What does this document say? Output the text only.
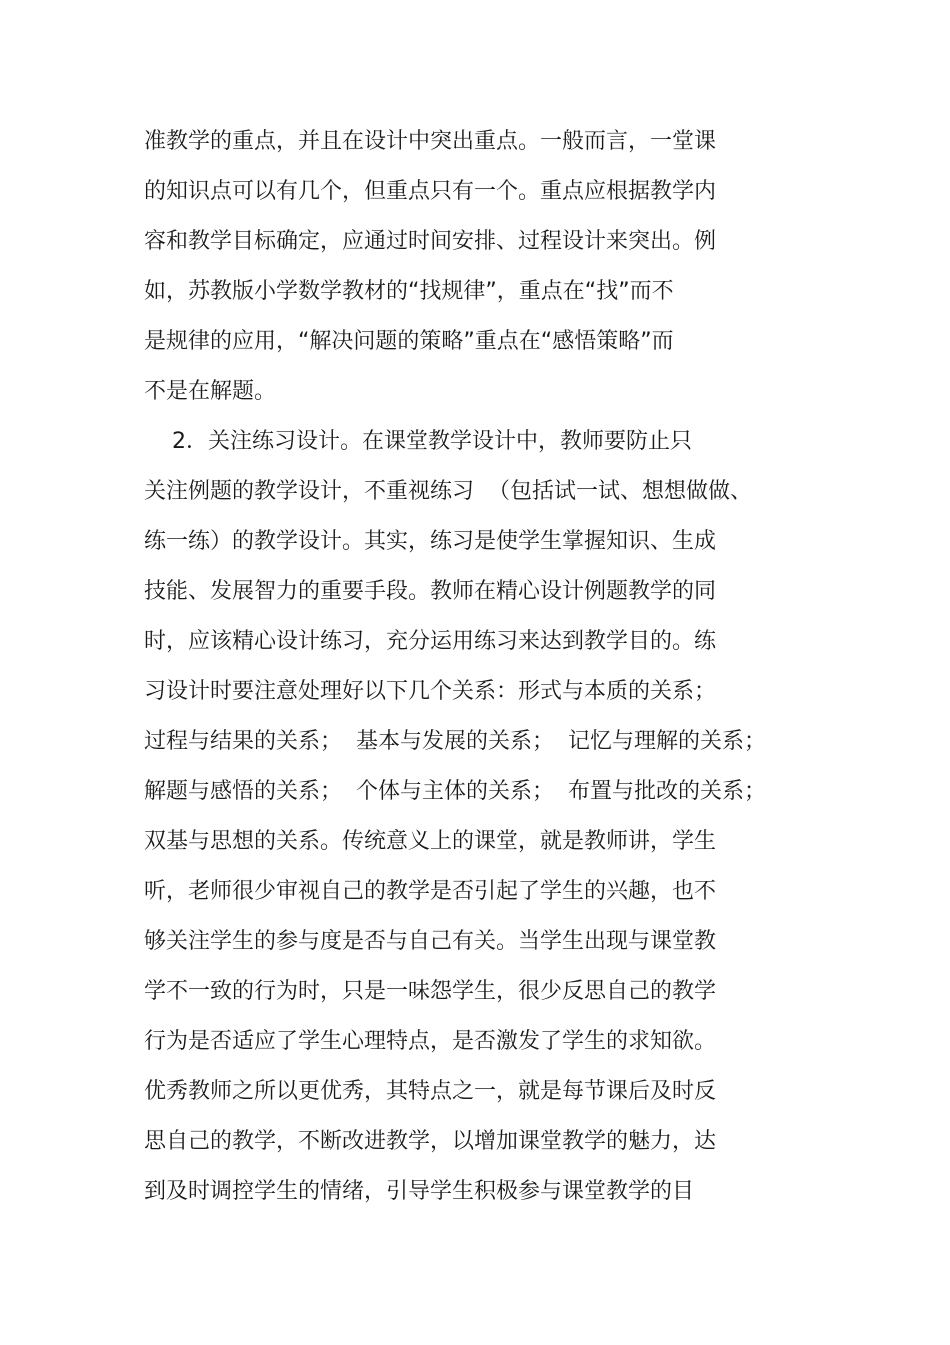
准教学的重点，并且在设计中突出重点。一般而言，一堂课
的知识点可以有几个，但重点只有一个。重点应根据教学内
容和教学目标确定，应通过时间安排、过程设计来突出。例
如，苏教版小学数学教材的“找规律”，重点在“找”而不
是规律的应用，“解决问题的策略”重点在“感悟策略”而
不是在解题。
2．关注练习设计。在课堂教学设计中，教师要防止只
关注例题的教学设计，不重视练习  （包括试一试、想想做做、
练一练）的教学设计。其实，练习是使学生掌握知识、生成
技能、发展智力的重要手段。教师在精心设计例题教学的同
时，应该精心设计练习，充分运用练习来达到教学目的。练
习设计时要注意处理好以下几个关系：形式与本质的关系；
过程与结果的关系；  基本与发展的关系；  记忆与理解的关系；
解题与感悟的关系；  个体与主体的关系；  布置与批改的关系；
双基与思想的关系。传统意义上的课堂，就是教师讲，学生
听，老师很少审视自己的教学是否引起了学生的兴趣，也不
够关注学生的参与度是否与自己有关。当学生出现与课堂教
学不一致的行为时，只是一味怨学生，很少反思自己的教学
行为是否适应了学生心理特点，是否激发了学生的求知欲。
优秀教师之所以更优秀，其特点之一，就是每节课后及时反
思自己的教学，不断改进教学，以增加课堂教学的魅力，达
到及时调控学生的情绪，引导学生积极参与课堂教学的目
